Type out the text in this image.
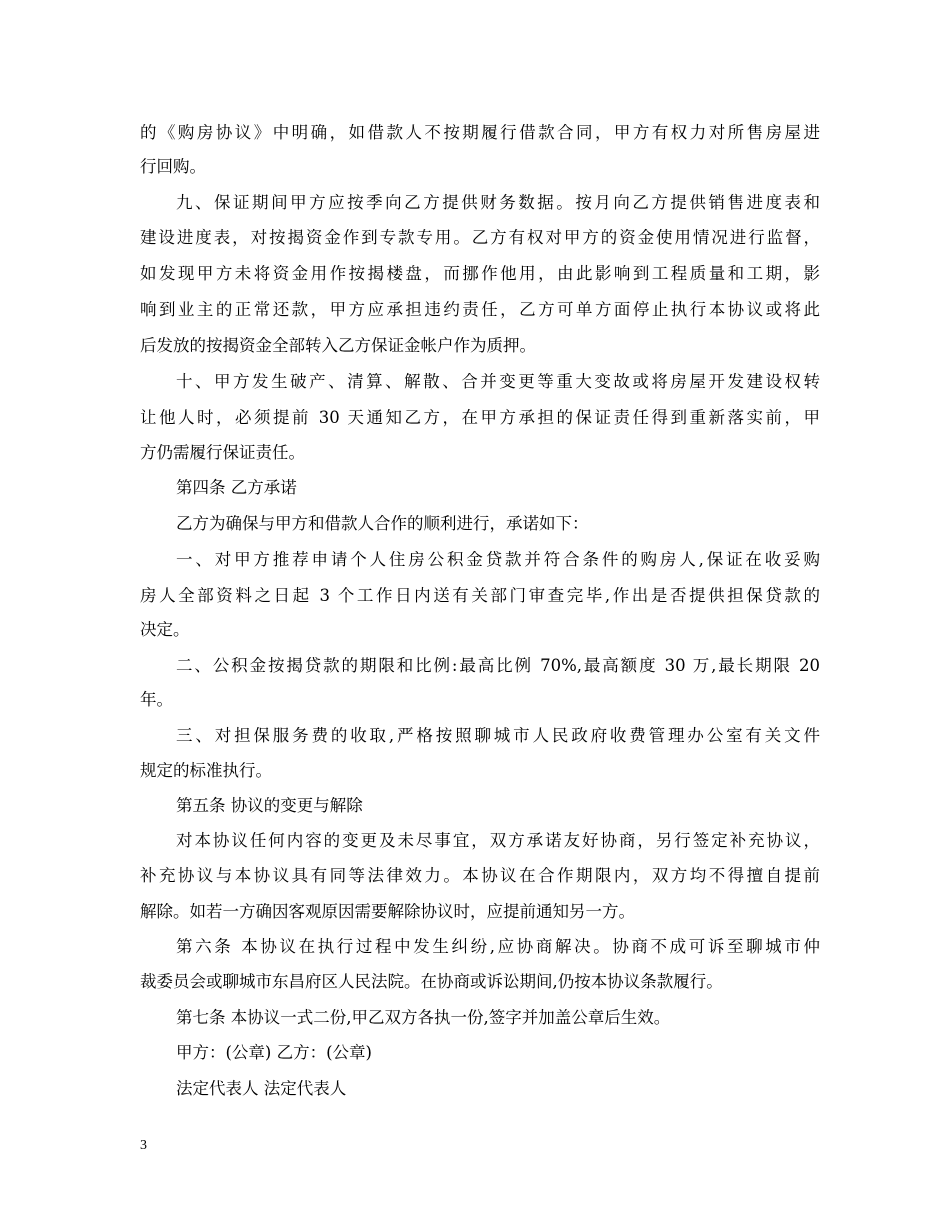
的《购房协议》中明确，如借款人不按期履行借款合同，甲方有权力对所售房屋进
行回购。
九、保证期间甲方应按季向乙方提供财务数据。按月向乙方提供销售进度表和
建设进度表，对按揭资金作到专款专用。乙方有权对甲方的资金使用情况进行监督，
如发现甲方未将资金用作按揭楼盘，而挪作他用，由此影响到工程质量和工期，影
响到业主的正常还款，甲方应承担违约责任，乙方可单方面停止执行本协议或将此
后发放的按揭资金全部转入乙方保证金帐户作为质押。
十、甲方发生破产、清算、解散、合并变更等重大变故或将房屋开发建设权转
让他人时，必须提前 30 天通知乙方，在甲方承担的保证责任得到重新落实前，甲
方仍需履行保证责任。
第四条 乙方承诺
乙方为确保与甲方和借款人合作的顺利进行，承诺如下：
一、对甲方推荐申请个人住房公积金贷款并符合条件的购房人,保证在收妥购
房人全部资料之日起 3 个工作日内送有关部门审查完毕,作出是否提供担保贷款的
决定。
二、公积金按揭贷款的期限和比例:最高比例 70%,最高额度 30 万,最长期限 20
年。
三、对担保服务费的收取,严格按照聊城市人民政府收费管理办公室有关文件
规定的标准执行。
第五条 协议的变更与解除
对本协议任何内容的变更及未尽事宜，双方承诺友好协商，另行签定补充协议，
补充协议与本协议具有同等法律效力。本协议在合作期限内，双方均不得擅自提前
解除。如若一方确因客观原因需要解除协议时，应提前通知另一方。
第六条 本协议在执行过程中发生纠纷,应协商解决。协商不成可诉至聊城市仲
裁委员会或聊城市东昌府区人民法院。在协商或诉讼期间,仍按本协议条款履行。
第七条 本协议一式二份,甲乙双方各执一份,签字并加盖公章后生效。
甲方：(公章) 乙方：(公章)
法定代表人 法定代表人
3
